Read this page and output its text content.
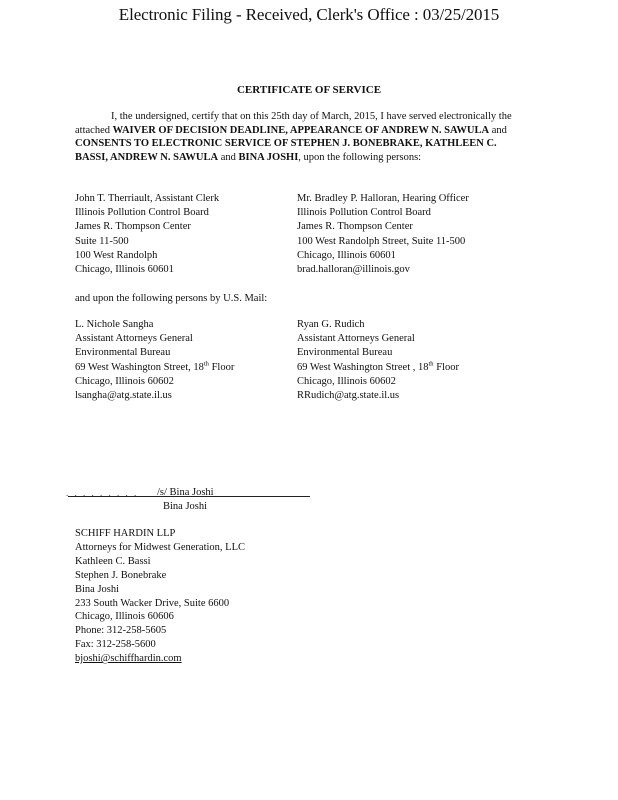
Electronic Filing - Received, Clerk's Office : 03/25/2015
CERTIFICATE OF SERVICE
I, the undersigned, certify that on this 25th day of March, 2015, I have served electronically the attached WAIVER OF DECISION DEADLINE, APPEARANCE OF ANDREW N. SAWULA and CONSENTS TO ELECTRONIC SERVICE OF STEPHEN J. BONEBRAKE, KATHLEEN C. BASSI, ANDREW N. SAWULA and BINA JOSHI, upon the following persons:
John T. Therriault, Assistant Clerk
Illinois Pollution Control Board
James R. Thompson Center
Suite 11-500
100 West Randolph
Chicago, Illinois 60601
Mr. Bradley P. Halloran, Hearing Officer
Illinois Pollution Control Board
James R. Thompson Center
100 West Randolph Street, Suite 11-500
Chicago, Illinois 60601
brad.halloran@illinois.gov
and upon the following persons by U.S. Mail:
L. Nichole Sangha
Assistant Attorneys General
Environmental Bureau
69 West Washington Street, 18th Floor
Chicago, Illinois 60602
lsangha@atg.state.il.us
Ryan G. Rudich
Assistant Attorneys General
Environmental Bureau
69 West Washington Street , 18th Floor
Chicago, Illinois 60602
RRudich@atg.state.il.us
. . . . . . . . . /s/ Bina Joshi
Bina Joshi
SCHIFF HARDIN LLP
Attorneys for Midwest Generation, LLC
Kathleen C. Bassi
Stephen J. Bonebrake
Bina Joshi
233 South Wacker Drive, Suite 6600
Chicago, Illinois 60606
Phone: 312-258-5605
Fax: 312-258-5600
bjoshi@schiffhardin.com
